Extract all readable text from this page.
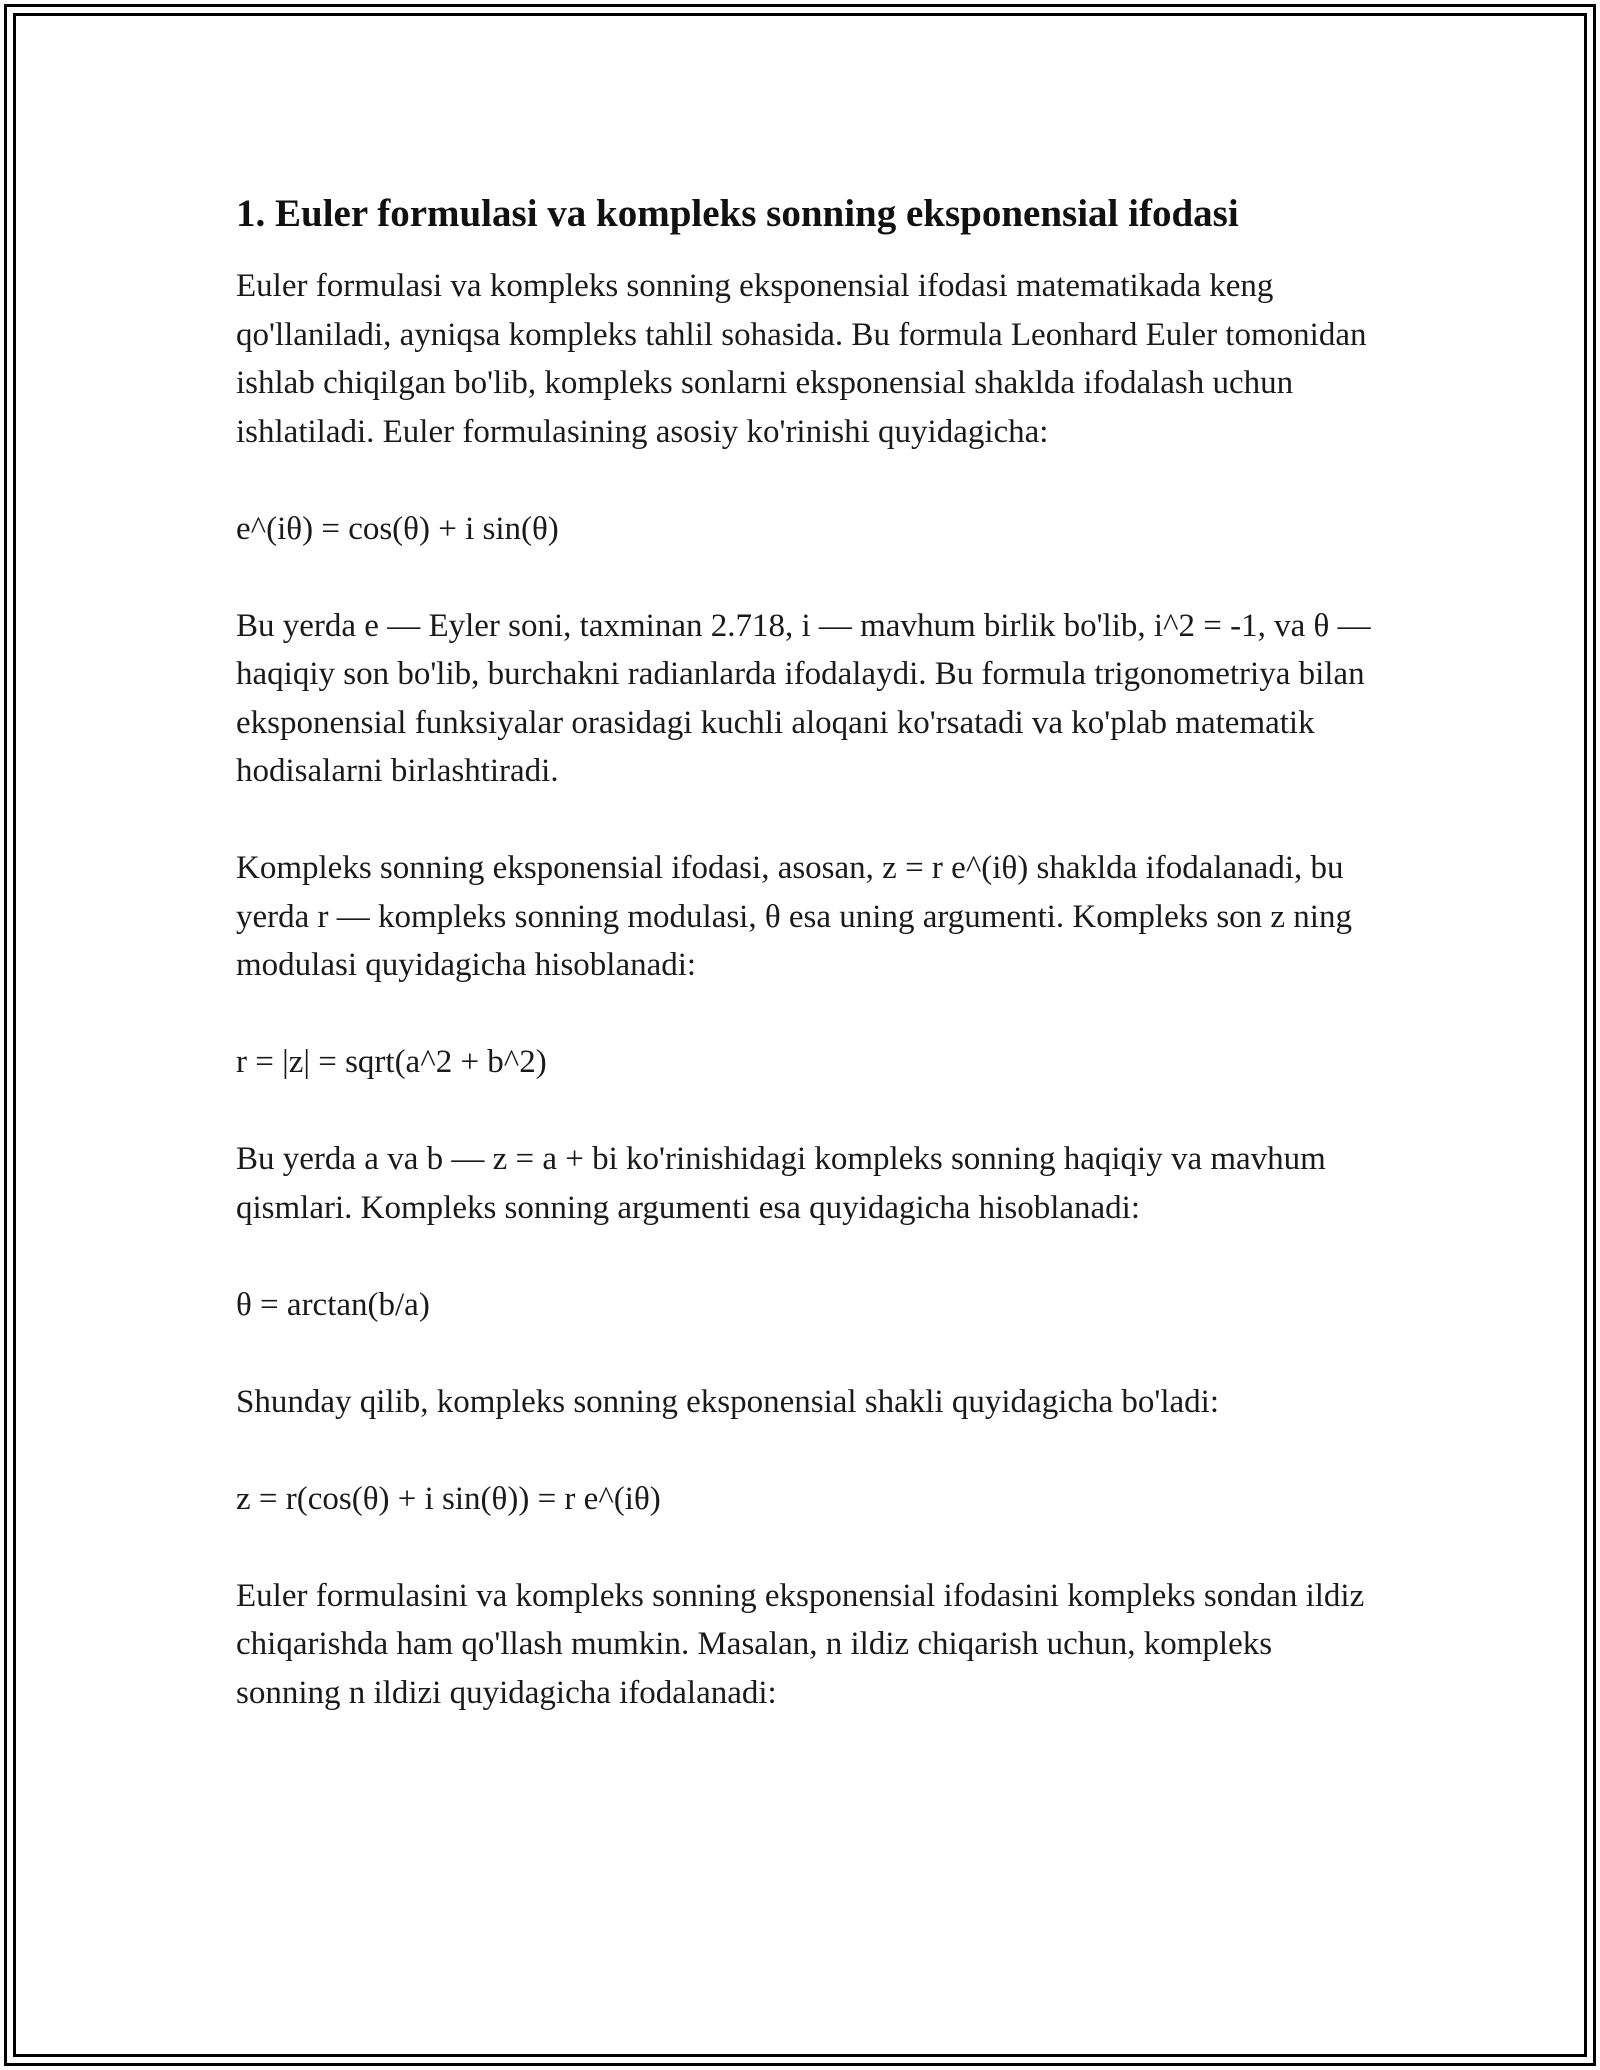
1. Euler formulasi va kompleks sonning eksponensial ifodasi

Euler formulasi va kompleks sonning eksponensial ifodasi matematikada keng qo'llaniladi, ayniqsa kompleks tahlil sohasida. Bu formula Leonhard Euler tomonidan ishlab chiqilgan bo'lib, kompleks sonlarni eksponensial shaklda ifodalash uchun ishlatiladi. Euler formulasining asosiy ko'rinishi quyidagicha:

e^(iθ) = cos(θ) + i sin(θ)

Bu yerda e — Eyler soni, taxminan 2.718, i — mavhum birlik bo'lib, i^2 = -1, va θ — haqiqiy son bo'lib, burchakni radianlarda ifodalaydi. Bu formula trigonometriya bilan eksponensial funksiyalar orasidagi kuchli aloqani ko'rsatadi va ko'plab matematik hodisalarni birlashtiradi.

Kompleks sonning eksponensial ifodasi, asosan, z = r e^(iθ) shaklda ifodalanadi, bu yerda r — kompleks sonning modulasi, θ esa uning argumenti. Kompleks son z ning modulasi quyidagicha hisoblanadi:

r = |z| = sqrt(a^2 + b^2)

Bu yerda a va b — z = a + bi ko'rinishidagi kompleks sonning haqiqiy va mavhum qismlari. Kompleks sonning argumenti esa quyidagicha hisoblanadi:

θ = arctan(b/a)

Shunday qilib, kompleks sonning eksponensial shakli quyidagicha bo'ladi:

z = r(cos(θ) + i sin(θ)) = r e^(iθ)

Euler formulasini va kompleks sonning eksponensial ifodasini kompleks sondan ildiz chiqarishda ham qo'llash mumkin. Masalan, n ildiz chiqarish uchun, kompleks sonning n ildizi quyidagicha ifodalanadi:
